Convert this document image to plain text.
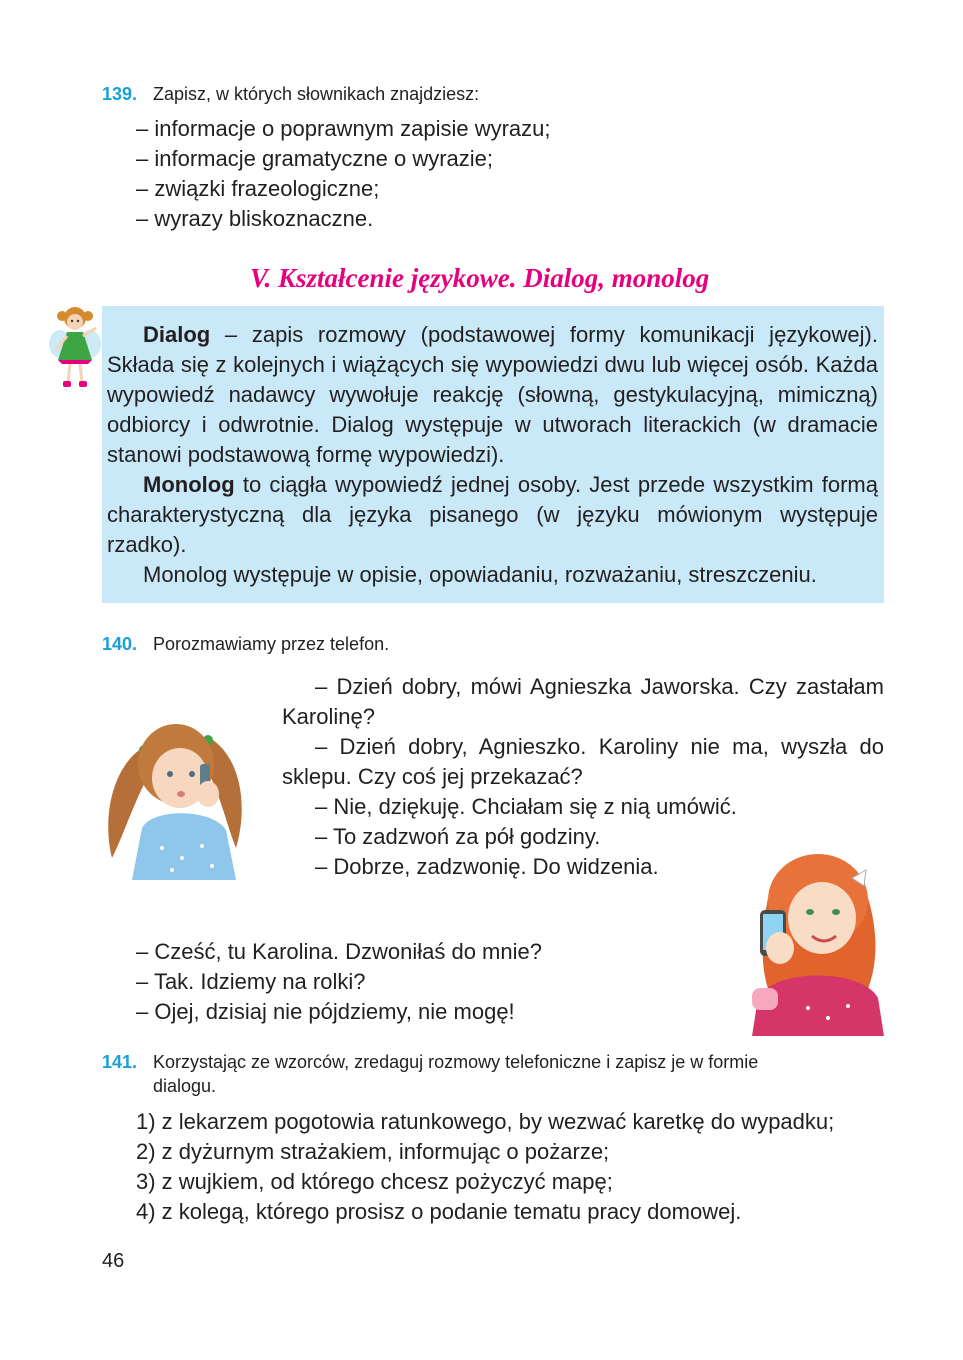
139. Zapisz, w których słownikach znajdziesz:
– informacje o poprawnym zapisie wyrazu;
– informacje gramatyczne o wyrazie;
– związki frazeologiczne;
– wyrazy bliskoznaczne.
V. Kształcenie językowe. Dialog, monolog

Dialog – zapis rozmowy (podstawowej formy komunikacji językowej). Składa się z kolejnych i wiążących się wypowiedzi dwu lub więcej osób. Każda wypowiedź nadawcy wywołuje reakcję (słowną, gestykulacyjną, mimiczną) odbiorcy i odwrotnie. Dialog występuje w utworach literackich (w dramacie stanowi podstawową formę wypowiedzi).

Monolog to ciągła wypowiedź jednej osoby. Jest przede wszystkim formą charakterystyczną dla języka pisanego (w języku mówionym występuje rzadko).

Monolog występuje w opisie, opowiadaniu, rozważaniu, streszczeniu.

140. Porozmawiamy przez telefon.

– Dzień dobry, mówi Agnieszka Jaworska. Czy zastałam Karolinę?

– Dzień dobry, Agnieszko. Karoliny nie ma, wyszła do sklepu. Czy coś jej przekazać?

– Nie, dziękuję. Chciałam się z nią umówić.

– To zadzwoń za pół godziny.

– Dobrze, zadzwonię. Do widzenia.

– Cześć, tu Karolina. Dzwoniłaś do mnie?
– Tak. Idziemy na rolki?
– Ojej, dzisiaj nie pójdziemy, nie mogę!
141. Korzystając ze wzorców, zredaguj rozmowy telefoniczne i zapisz je w formie
dialogu.
1) z lekarzem pogotowia ratunkowego, by wezwać karetkę do wypadku;
2) z dyżurnym strażakiem, informując o pożarze;
3) z wujkiem, od którego chcesz pożyczyć mapę;
4) z kolegą, którego prosisz o podanie tematu pracy domowej.
46
